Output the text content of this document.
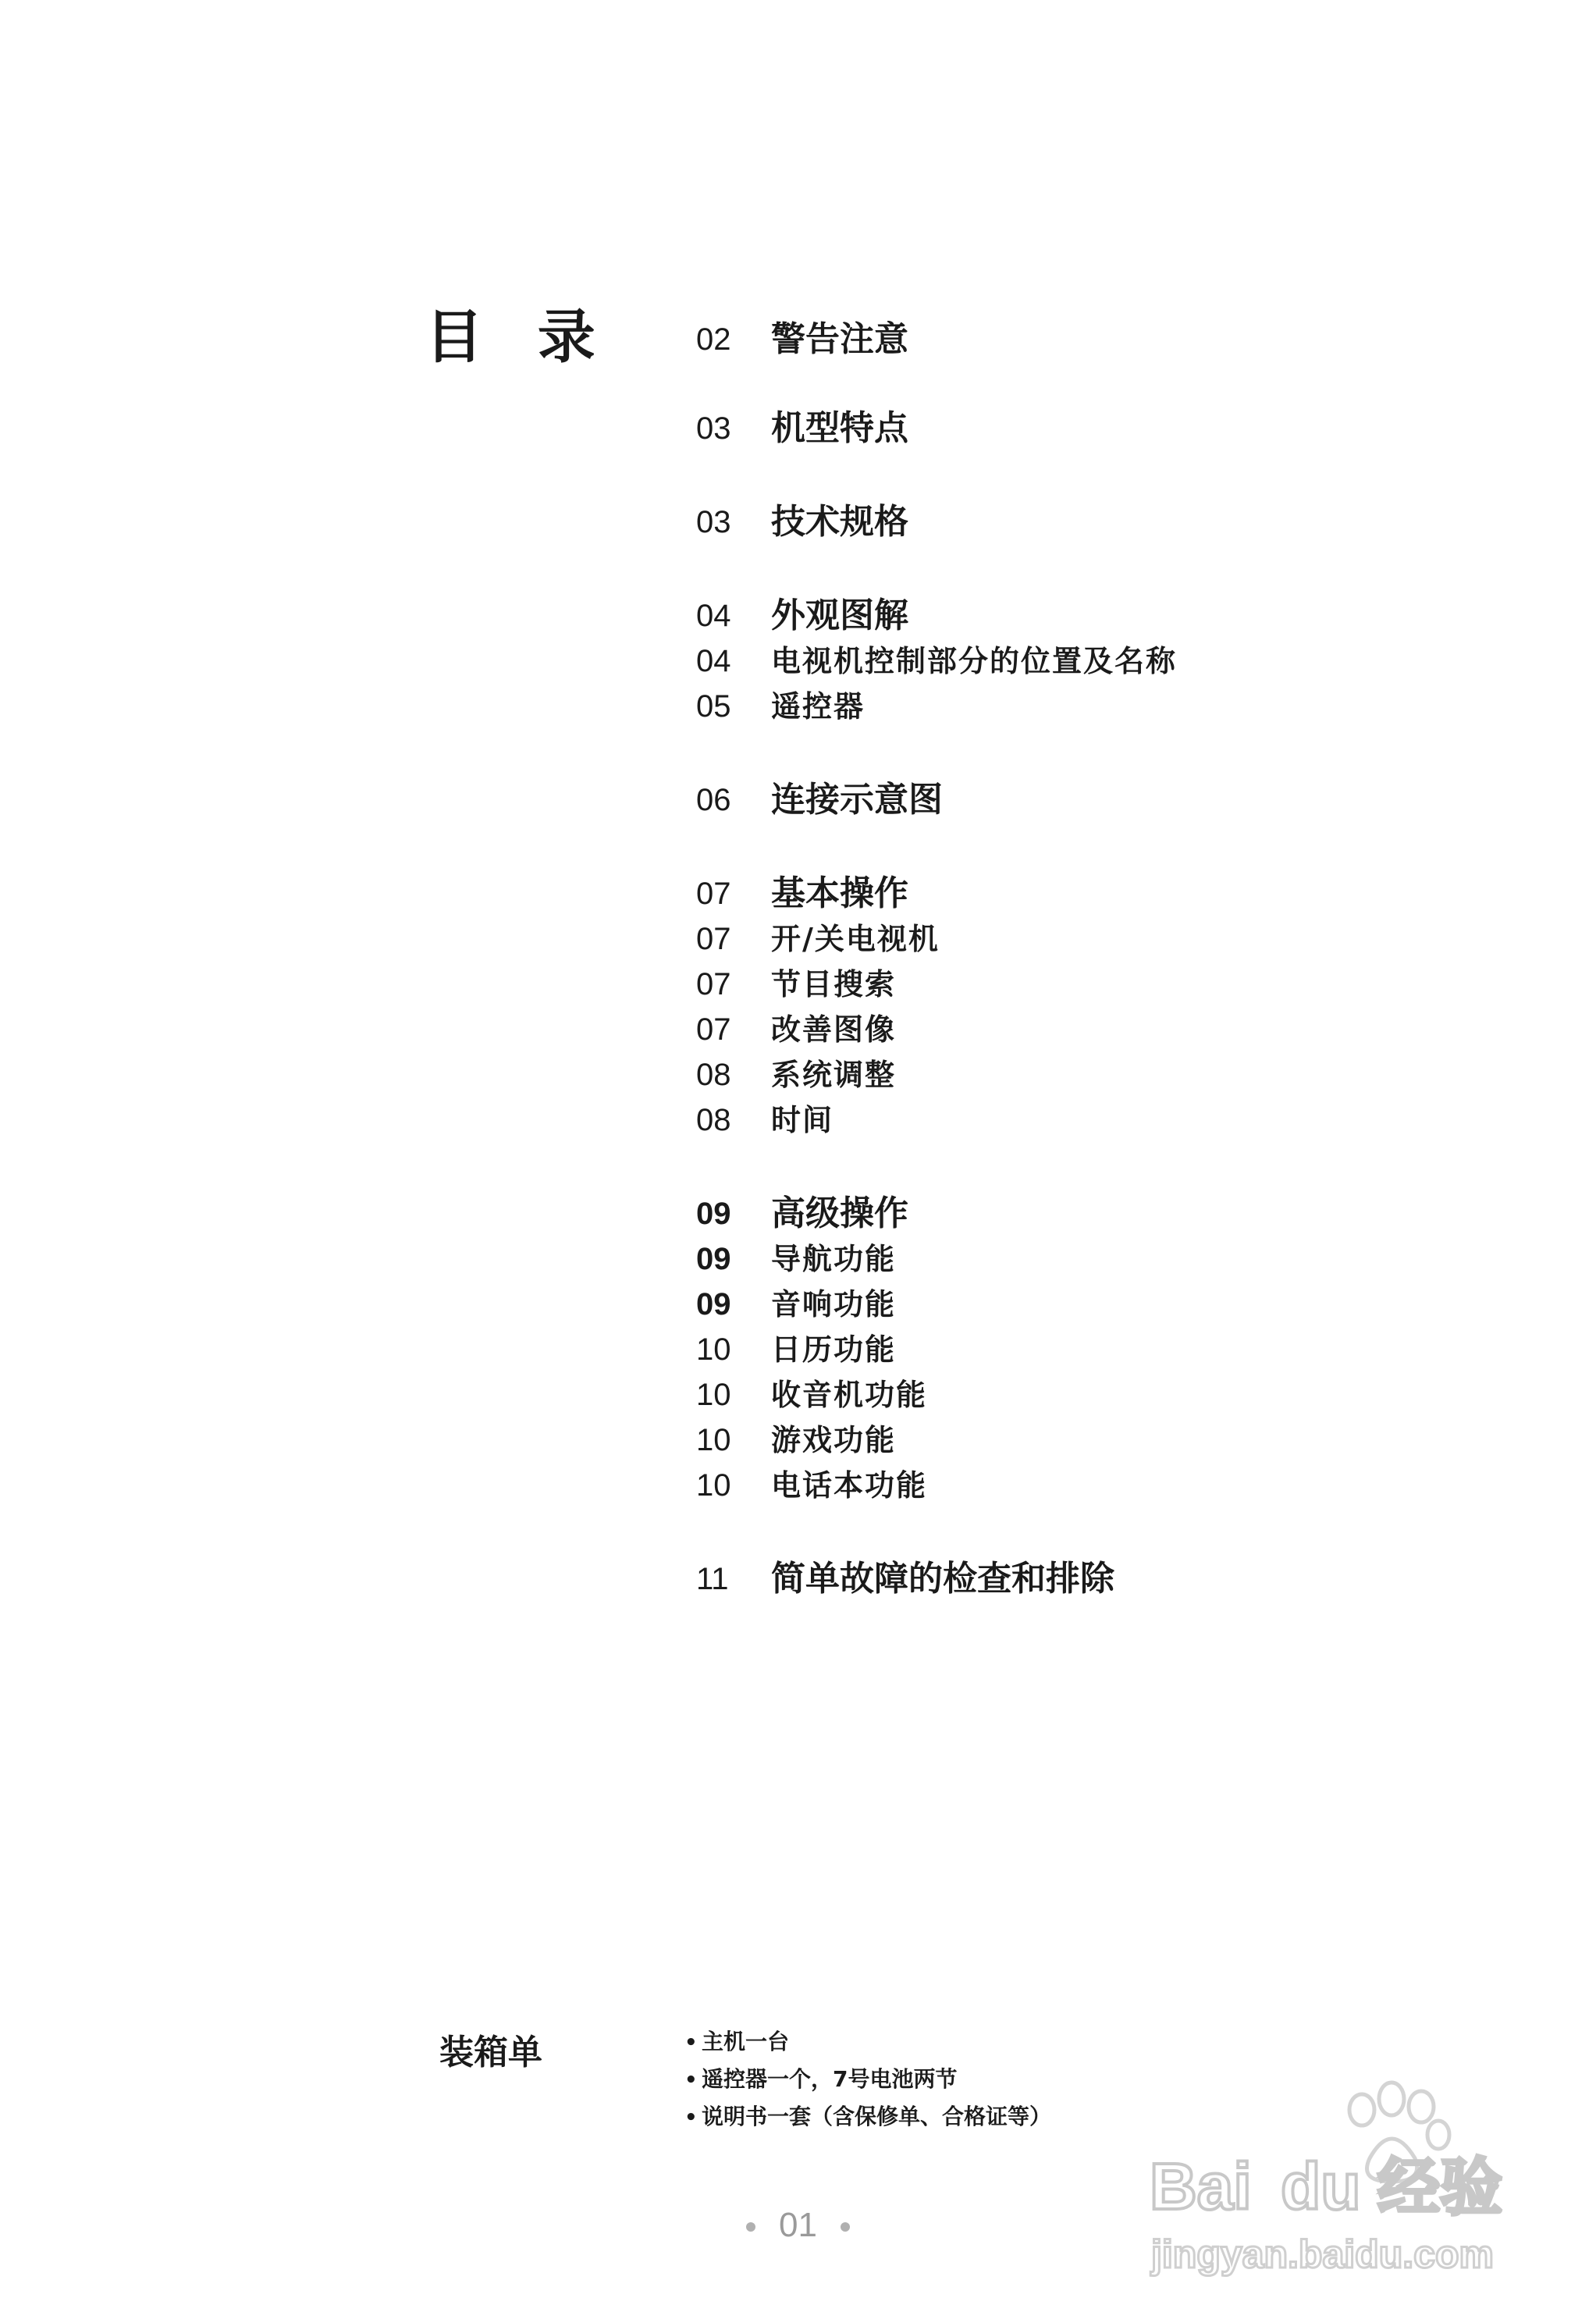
目 录	02 警告注意
03 机型特点
03 技术规格
04 外观图解
04 电视机控制部分的位置及名称
05 遥控器
06 连接示意图
07 基本操作
07 开/关电视机
07 节目搜索
07 改善图像
08 系统调整
08 时间
09 高级操作
09 导航功能
09 音响功能
10 日历功能
10 收音机功能
10 游戏功能
10 电话本功能
11 简单故障的检查和排除
装箱单	• 主机一台
• 遥控器一个，7号电池两节
• 说明书一套（含保修单、合格证等）
01
Bai du 经验
jingyan.baidu.com
